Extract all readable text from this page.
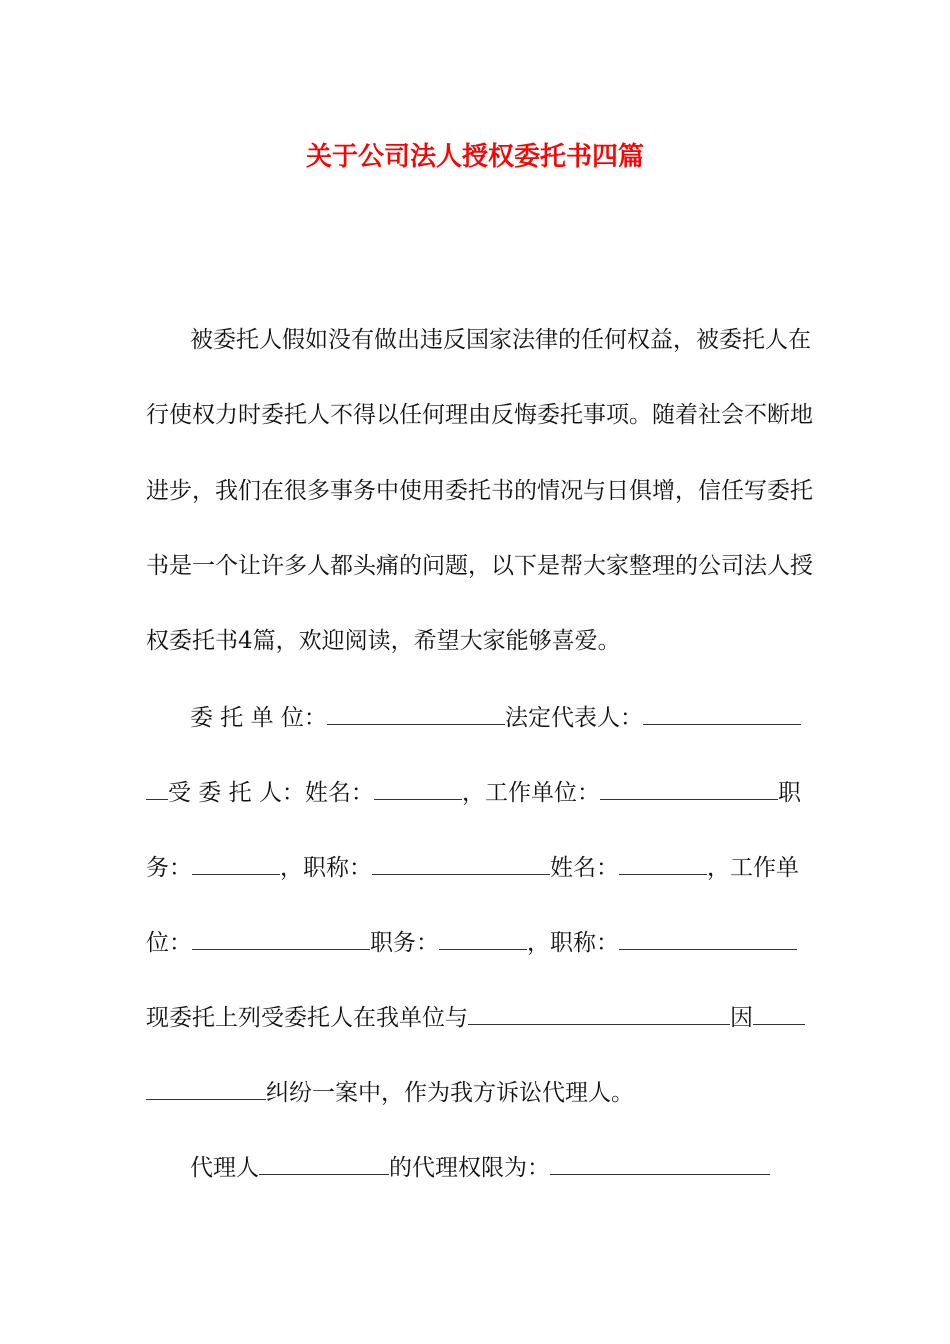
关于公司法人授权委托书四篇
被委托人假如没有做出违反国家法律的任何权益，被委托人在
行使权力时委托人不得以任何理由反悔委托事项。随着社会不断地
进步，我们在很多事务中使用委托书的情况与日俱增，信任写委托
书是一个让许多人都头痛的问题，以下是帮大家整理的公司法人授
权委托书4篇，欢迎阅读，希望大家能够喜爱。
委 托 单 位：	法定代表人：
受 委 托 人：姓名：	，工作单位：	职
务：	，职称：	姓名：	，工作单
位：	职务：	，职称：
现委托上列受委托人在我单位与	因
纠纷一案中，作为我方诉讼代理人。
代理人	的代理权限为：
